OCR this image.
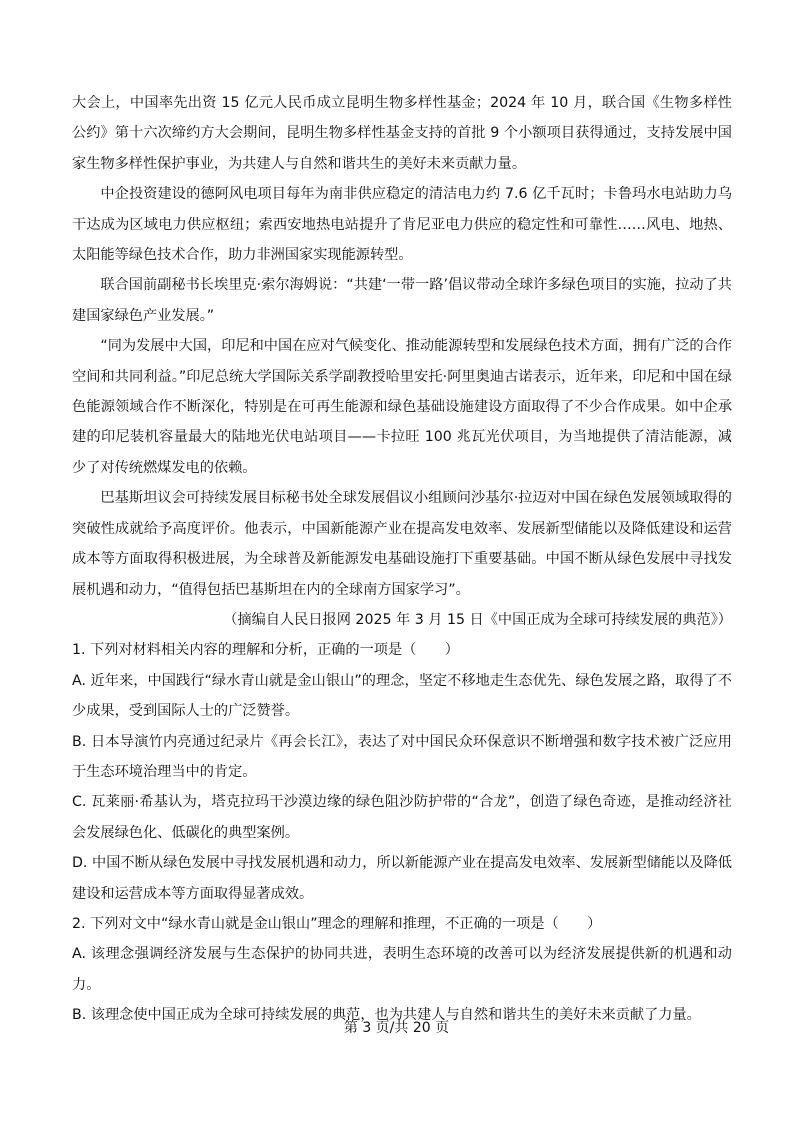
大会上，中国率先出资 15 亿元人民币成立昆明生物多样性基金；2024 年 10 月，联合国《生物多样性公约》第十六次缔约方大会期间，昆明生物多样性基金支持的首批 9 个小额项目获得通过，支持发展中国家生物多样性保护事业，为共建人与自然和谐共生的美好未来贡献力量。

中企投资建设的德阿风电项目每年为南非供应稳定的清洁电力约 7.6 亿千瓦时；卡鲁玛水电站助力乌干达成为区域电力供应枢纽；索西安地热电站提升了肯尼亚电力供应的稳定性和可靠性……风电、地热、太阳能等绿色技术合作，助力非洲国家实现能源转型。

联合国前副秘书长埃里克·索尔海姆说：“共建‘一带一路’倡议带动全球许多绿色项目的实施，拉动了共建国家绿色产业发展。”

“同为发展中大国，印尼和中国在应对气候变化、推动能源转型和发展绿色技术方面，拥有广泛的合作空间和共同利益。”印尼总统大学国际关系学副教授哈里安托·阿里奥迪古诺表示，近年来，印尼和中国在绿色能源领域合作不断深化，特别是在可再生能源和绿色基础设施建设方面取得了不少合作成果。如中企承建的印尼装机容量最大的陆地光伏电站项目——卡拉旺 100 兆瓦光伏项目，为当地提供了清洁能源，减少了对传统燃煤发电的依赖。

巴基斯坦议会可持续发展目标秘书处全球发展倡议小组顾问沙基尔·拉迈对中国在绿色发展领域取得的突破性成就给予高度评价。他表示，中国新能源产业在提高发电效率、发展新型储能以及降低建设和运营成本等方面取得积极进展，为全球普及新能源发电基础设施打下重要基础。中国不断从绿色发展中寻找发展机遇和动力，“值得包括巴基斯坦在内的全球南方国家学习”。

（摘编自人民日报网 2025 年 3 月 15 日《中国正成为全球可持续发展的典范》）

1. 下列对材料相关内容的理解和分析，正确的一项是（　　）

A. 近年来，中国践行“绿水青山就是金山银山”的理念，坚定不移地走生态优先、绿色发展之路，取得了不少成果，受到国际人士的广泛赞誉。

B. 日本导演竹内亮通过纪录片《再会长江》，表达了对中国民众环保意识不断增强和数字技术被广泛应用于生态环境治理当中的肯定。

C. 瓦莱丽·希基认为，塔克拉玛干沙漠边缘的绿色阻沙防护带的“合龙”，创造了绿色奇迹，是推动经济社会发展绿色化、低碳化的典型案例。

D. 中国不断从绿色发展中寻找发展机遇和动力，所以新能源产业在提高发电效率、发展新型储能以及降低建设和运营成本等方面取得显著成效。

2. 下列对文中“绿水青山就是金山银山”理念的理解和推理，不正确的一项是（　　）

A. 该理念强调经济发展与生态保护的协同共进，表明生态环境的改善可以为经济发展提供新的机遇和动力。

B. 该理念使中国正成为全球可持续发展的典范，也为共建人与自然和谐共生的美好未来贡献了力量。

第 3 页/共 20 页
